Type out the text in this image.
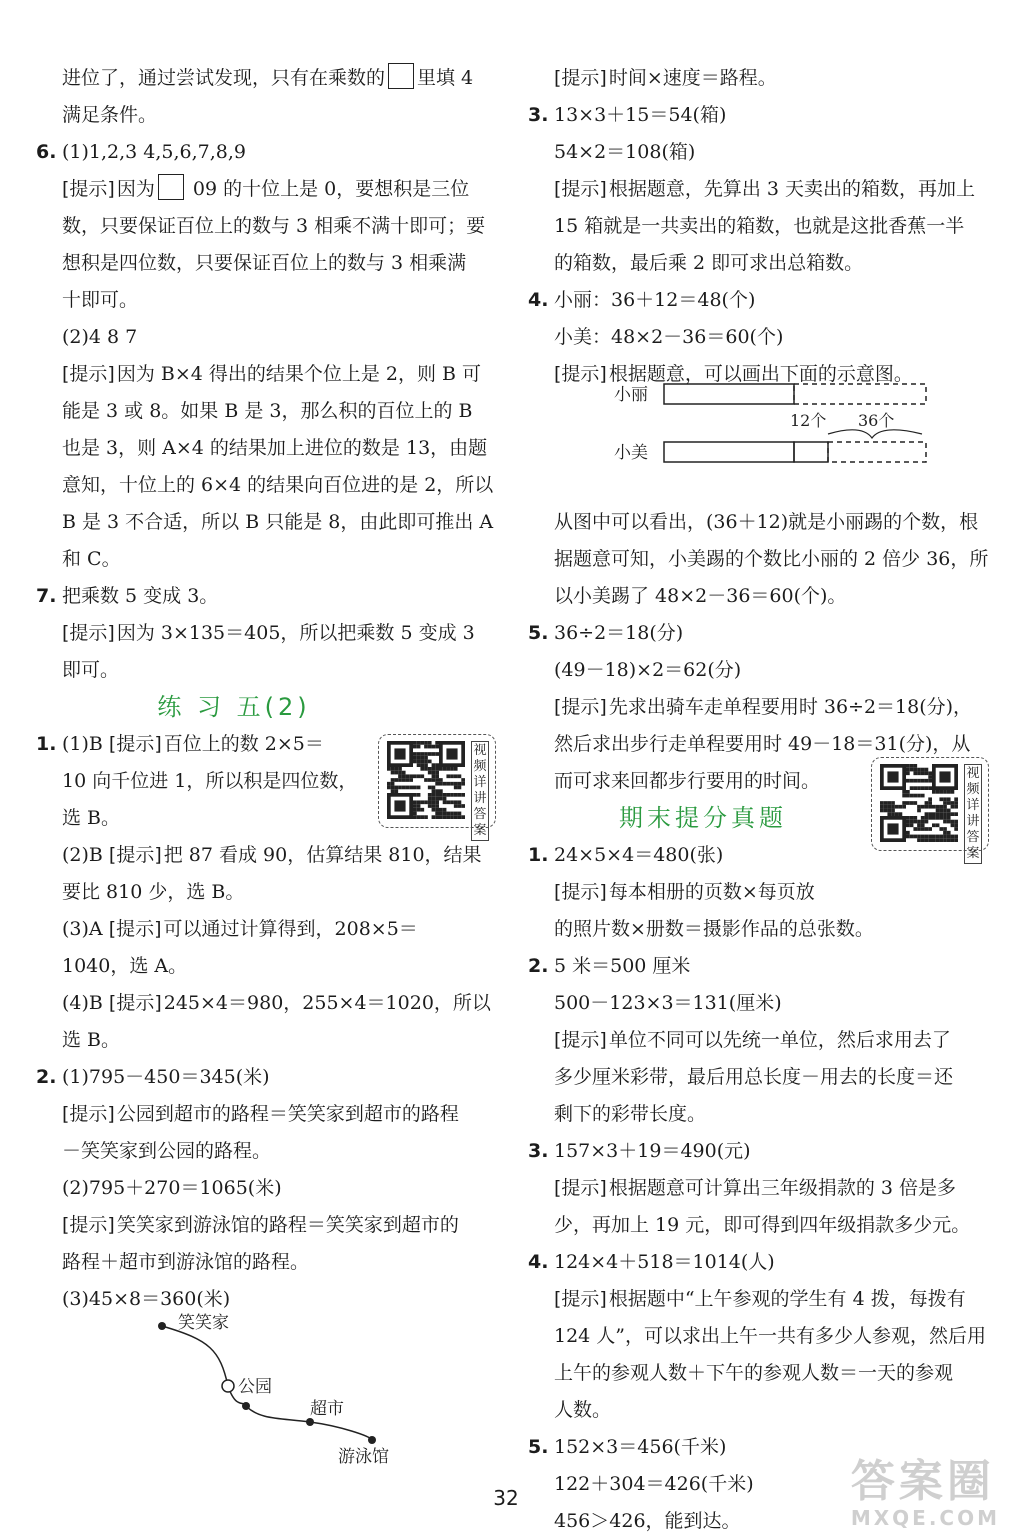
进位了，通过尝试发现，只有在乘数的 里填 4
满足条件。
6. (1)1,2,3 4,5,6,7,8,9
[提示] 因为 09 的十位上是 0，要想积是三位
数，只要保证百位上的数与 3 相乘不满十即可；要
想积是四位数，只要保证百位上的数与 3 相乘满
十即可。
(2)4 8 7
[提示] 因为 B×4 得出的结果个位上是 2，则 B 可
能是 3 或 8。如果 B 是 3，那么积的百位上的 B
也是 3，则 A×4 的结果加上进位的数是 13，由题
意知，十位上的 6×4 的结果向百位进的是 2，所以
B 是 3 不合适，所以 B 只能是 8，由此即可推出 A
和 C。
7. 把乘数 5 变成 3。
[提示] 因为 3×135＝405，所以把乘数 5 变成 3
即可。
练 习 五(2)
1. (1)B [提示] 百位上的数 2×5＝
10 向千位进 1，所以积是四位数，
选 B。
(2)B [提示] 把 87 看成 90，估算结果 810，结果
要比 810 少，选 B。
(3)A [提示] 可以通过计算得到，208×5＝
1040，选 A。
(4)B [提示] 245×4＝980，255×4＝1020，所以
选 B。
2. (1)795－450＝345(米)
[提示] 公园到超市的路程＝笑笑家到超市的路程
－笑笑家到公园的路程。
(2)795＋270＝1065(米)
[提示] 笑笑家到游泳馆的路程＝笑笑家到超市的
路程＋超市到游泳馆的路程。
(3)45×8＝360(米)
[提示] 时间×速度＝路程。
3. 13×3＋15＝54(箱)
54×2＝108(箱)
[提示] 根据题意，先算出 3 天卖出的箱数，再加上
15 箱就是一共卖出的箱数，也就是这批香蕉一半
的箱数，最后乘 2 即可求出总箱数。
4. 小丽：36＋12＝48(个)
小美：48×2－36＝60(个)
[提示] 根据题意，可以画出下面的示意图。
从图中可以看出，(36＋12)就是小丽踢的个数，根
据题意可知，小美踢的个数比小丽的 2 倍少 36，所
以小美踢了 48×2－36＝60(个)。
5. 36÷2＝18(分)
(49－18)×2＝62(分)
[提示] 先求出骑车走单程要用时 36÷2＝18(分)，
然后求出步行走单程要用时 49－18＝31(分)，从
而可求来回都步行要用的时间。
期末提分真题
1. 24×5×4＝480(张)
[提示] 每本相册的页数×每页放
的照片数×册数＝摄影作品的总张数。
2. 5 米＝500 厘米
500－123×3＝131(厘米)
[提示] 单位不同可以先统一单位，然后求用去了
多少厘米彩带，最后用总长度－用去的长度＝还
剩下的彩带长度。
3. 157×3＋19＝490(元)
[提示] 根据题意可计算出三年级捐款的 3 倍是多
少，再加上 19 元，即可得到四年级捐款多少元。
4. 124×4＋518＝1014(人)
[提示] 根据题中“上午参观的学生有 4 拨，每拨有
124 人”，可以求出上午一共有多少人参观，然后用
上午的参观人数＋下午的参观人数＝一天的参观
人数。
5. 152×3＝456(千米)
122＋304＝426(千米)
456＞426，能到达。
视频详讲答案
视频详讲答案
小丽
12个 36个
小美
笑笑家
公园
超市
游泳馆
32	答案圈
MXQE.COM
